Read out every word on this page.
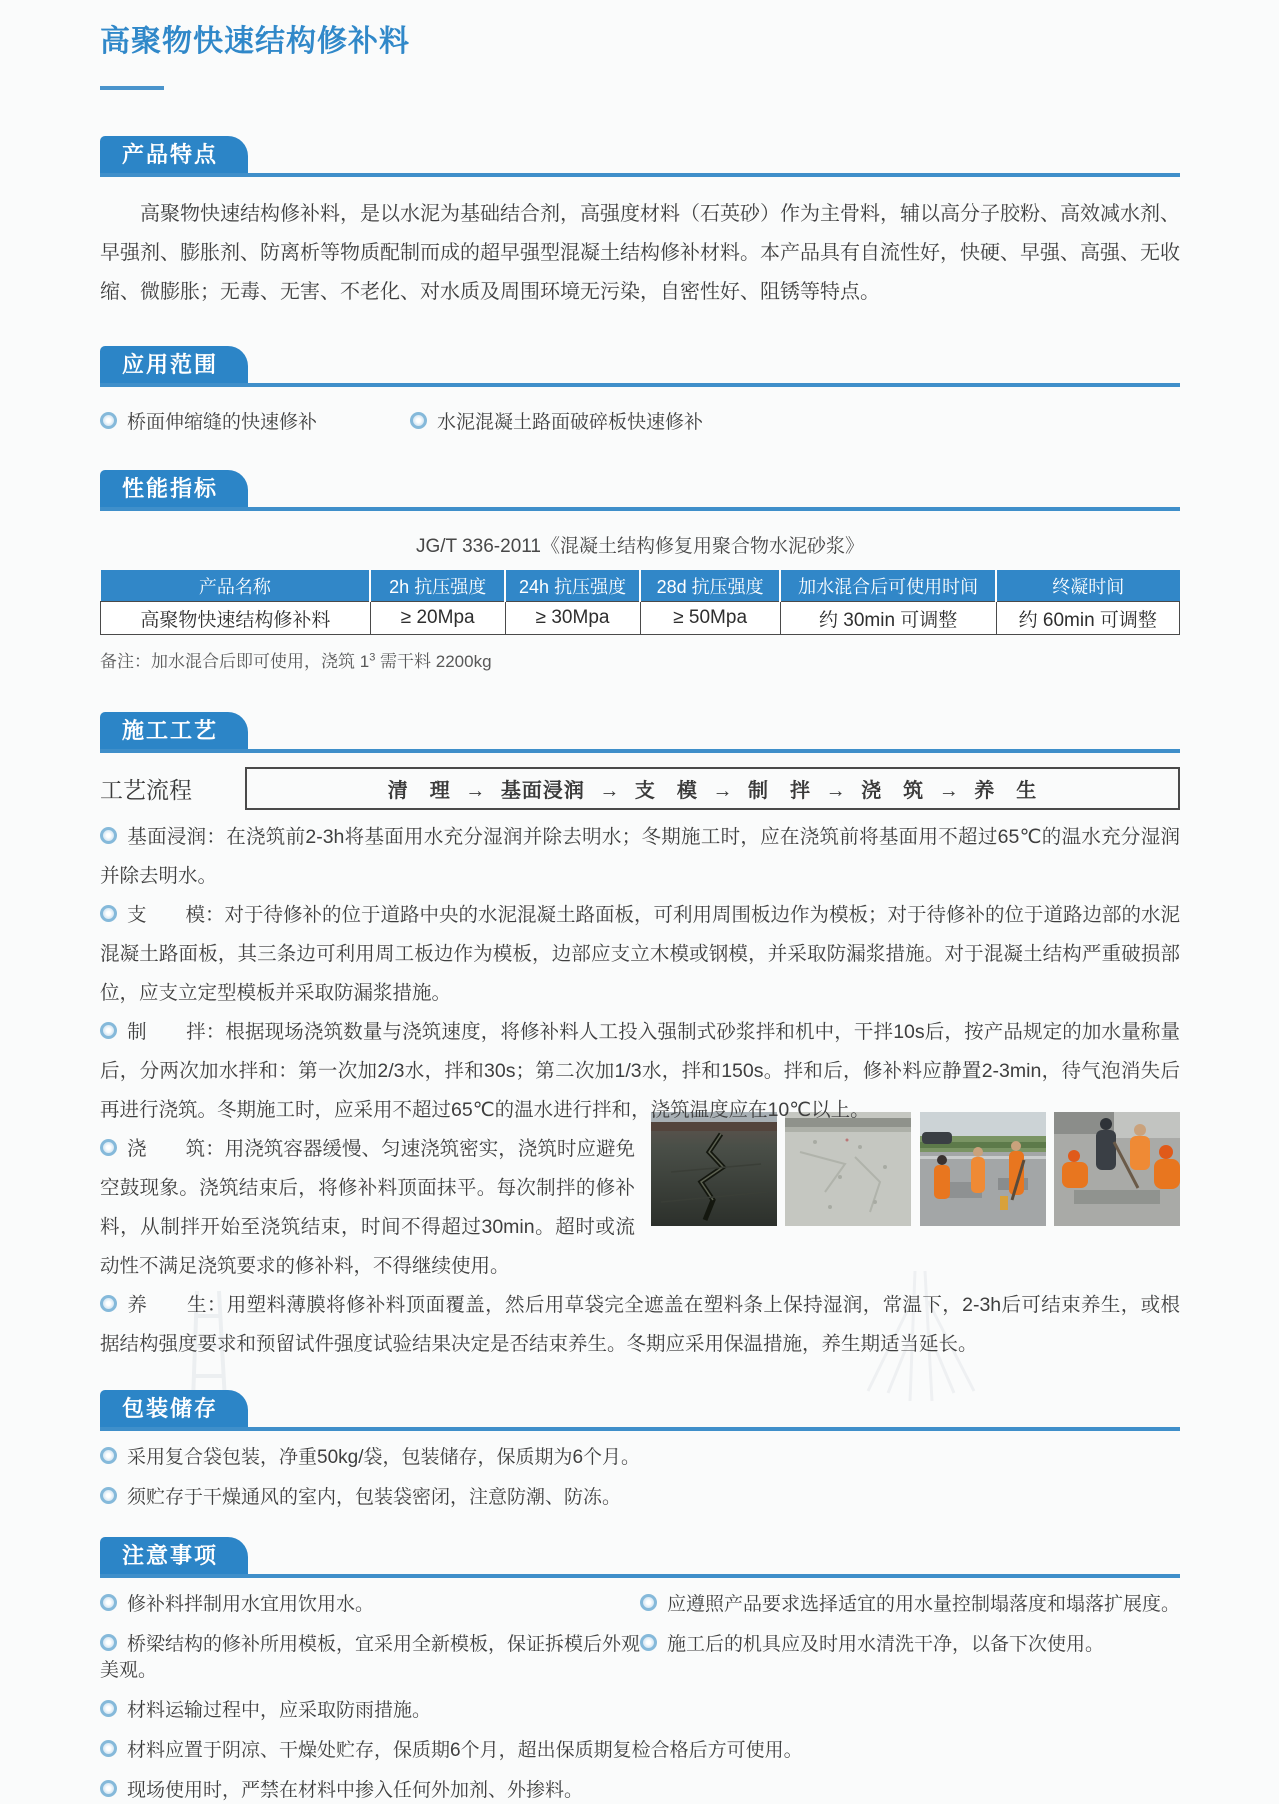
高聚物快速结构修补料
产品特点

高聚物快速结构修补料，是以水泥为基础结合剂，高强度材料（石英砂）作为主骨料，辅以高分子胶粉、高效减水剂、早强剂、膨胀剂、防离析等物质配制而成的超早强型混凝土结构修补材料。本产品具有自流性好，快硬、早强、高强、无收缩、微膨胀；无毒、无害、不老化、对水质及周围环境无污染，自密性好、阻锈等特点。

应用范围
桥面伸缩缝的快速修补	水泥混凝土路面破碎板快速修补
性能指标
JG/T 336-2011《混凝土结构修复用聚合物水泥砂浆》
产品名称	2h 抗压强度	24h 抗压强度	28d 抗压强度	加水混合后可使用时间	终凝时间
高聚物快速结构修补料	≥ 20Mpa	≥ 30Mpa	≥ 50Mpa	约 30min 可调整	约 60min 可调整
备注：加水混合后即可使用，浇筑 $1^3$ 需干料 2200kg
施工工艺
工艺流程	清　理 → 基面浸润 → 支　模 → 制　拌 → 浇　筑 → 养　生

基面浸润：在浇筑前2-3h将基面用水充分湿润并除去明水；冬期施工时，应在浇筑前将基面用不超过65℃的温水充分湿润并除去明水。

支　　模：对于待修补的位于道路中央的水泥混凝土路面板，可利用周围板边作为模板；对于待修补的位于道路边部的水泥混凝土路面板，其三条边可利用周工板边作为模板，边部应支立木模或钢模，并采取防漏浆措施。对于混凝土结构严重破损部位，应支立定型模板并采取防漏浆措施。

制　　拌：根据现场浇筑数量与浇筑速度，将修补料人工投入强制式砂浆拌和机中，干拌10s后，按产品规定的加水量称量后，分两次加水拌和：第一次加2/3水，拌和30s；第二次加1/3水，拌和150s。拌和后，修补料应静置2-3min，待气泡消失后再进行浇筑。冬期施工时，应采用不超过65℃的温水进行拌和，浇筑温度应在10℃以上。

浇　　筑：用浇筑容器缓慢、匀速浇筑密实，浇筑时应避免空鼓现象。浇筑结束后，将修补料顶面抹平。每次制拌的修补料，从制拌开始至浇筑结束，时间不得超过30min。超时或流动性不满足浇筑要求的修补料，不得继续使用。

养　　生：用塑料薄膜将修补料顶面覆盖，然后用草袋完全遮盖在塑料条上保持湿润，常温下，2-3h后可结束养生，或根据结构强度要求和预留试件强度试验结果决定是否结束养生。冬期应采用保温措施，养生期适当延长。

包装储存
采用复合袋包装，净重50kg/袋，包装储存，保质期为6个月。
须贮存于干燥通风的室内，包装袋密闭，注意防潮、防冻。
注意事项
修补料拌制用水宜用饮用水。	应遵照产品要求选择适宜的用水量控制塌落度和塌落扩展度。
桥梁结构的修补所用模板，宜采用全新模板，保证拆模后外观美观。
施工后的机具应及时用水清洗干净，以备下次使用。
材料运输过程中，应采取防雨措施。
材料应置于阴凉、干燥处贮存，保质期6个月，超出保质期复检合格后方可使用。
现场使用时，严禁在材料中掺入任何外加剂、外掺料。
